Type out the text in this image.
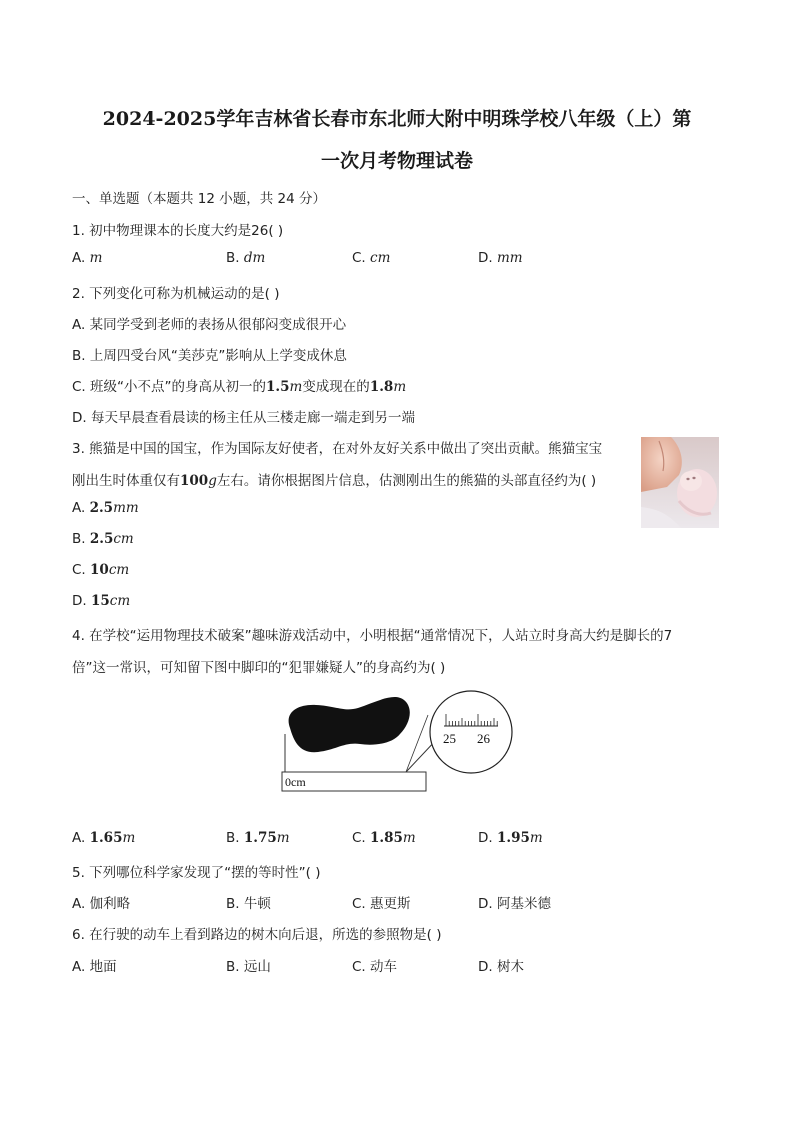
2024-2025学年吉林省长春市东北师大附中明珠学校八年级（上）第
一次月考物理试卷
一、单选题（本题共 12 小题，共 24 分）
1. 初中物理课本的长度大约是26( )
A. m	B. dm	C. cm	D. mm
2. 下列变化可称为机械运动的是( )
A. 某同学受到老师的表扬从很郁闷变成很开心
B. 上周四受台风“美莎克”影响从上学变成休息
C. 班级“小不点”的身高从初一的1.5m变成现在的1.8m
D. 每天早晨查看晨读的杨主任从三楼走廊一端走到另一端
3. 熊猫是中国的国宝，作为国际友好使者，在对外友好关系中做出了突出贡献。熊猫宝宝
刚出生时体重仅有100g左右。请你根据图片信息，估测刚出生的熊猫的头部直径约为( )
A. 2.5mm
B. 2.5cm
C. 10cm
D. 15cm
4. 在学校“运用物理技术破案”趣味游戏活动中，小明根据“通常情况下，人站立时身高大约是脚长的7
倍”这一常识，可知留下图中脚印的“犯罪嫌疑人”的身高约为( )
0cm
25 26
A. 1.65m	B. 1.75m	C. 1.85m	D. 1.95m
5. 下列哪位科学家发现了“摆的等时性”( )
A. 伽利略	B. 牛顿	C. 惠更斯	D. 阿基米德
6. 在行驶的动车上看到路边的树木向后退，所选的参照物是( )
A. 地面	B. 远山	C. 动车	D. 树木
